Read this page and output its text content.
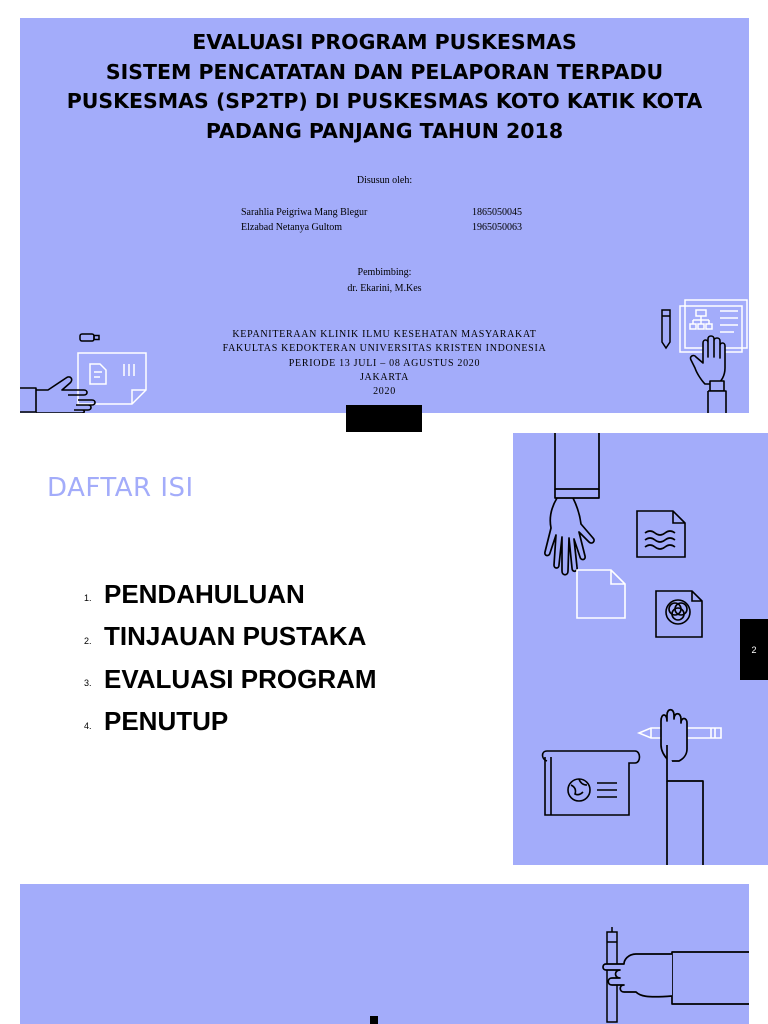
EVALUASI PROGRAM PUSKESMAS
SISTEM PENCATATAN DAN PELAPORAN TERPADU
PUSKESMAS (SP2TP) DI PUSKESMAS KOTO KATIK KOTA
PADANG PANJANG TAHUN 2018
Disusun oleh:
Sarahlia Peigriwa Mang Blegur	1865050045
Elzabad Netanya Gultom	1965050063
Pembimbing:
dr. Ekarini, M.Kes
KEPANITERAAN KLINIK ILMU KESEHATAN MASYARAKAT
FAKULTAS KEDOKTERAN UNIVERSITAS KRISTEN INDONESIA
PERIODE 13 JULI – 08 AGUSTUS 2020
JAKARTA
2020
DAFTAR ISI
1. PENDAHULUAN
2. TINJAUAN PUSTAKA
3. EVALUASI PROGRAM
4. PENUTUP
2
